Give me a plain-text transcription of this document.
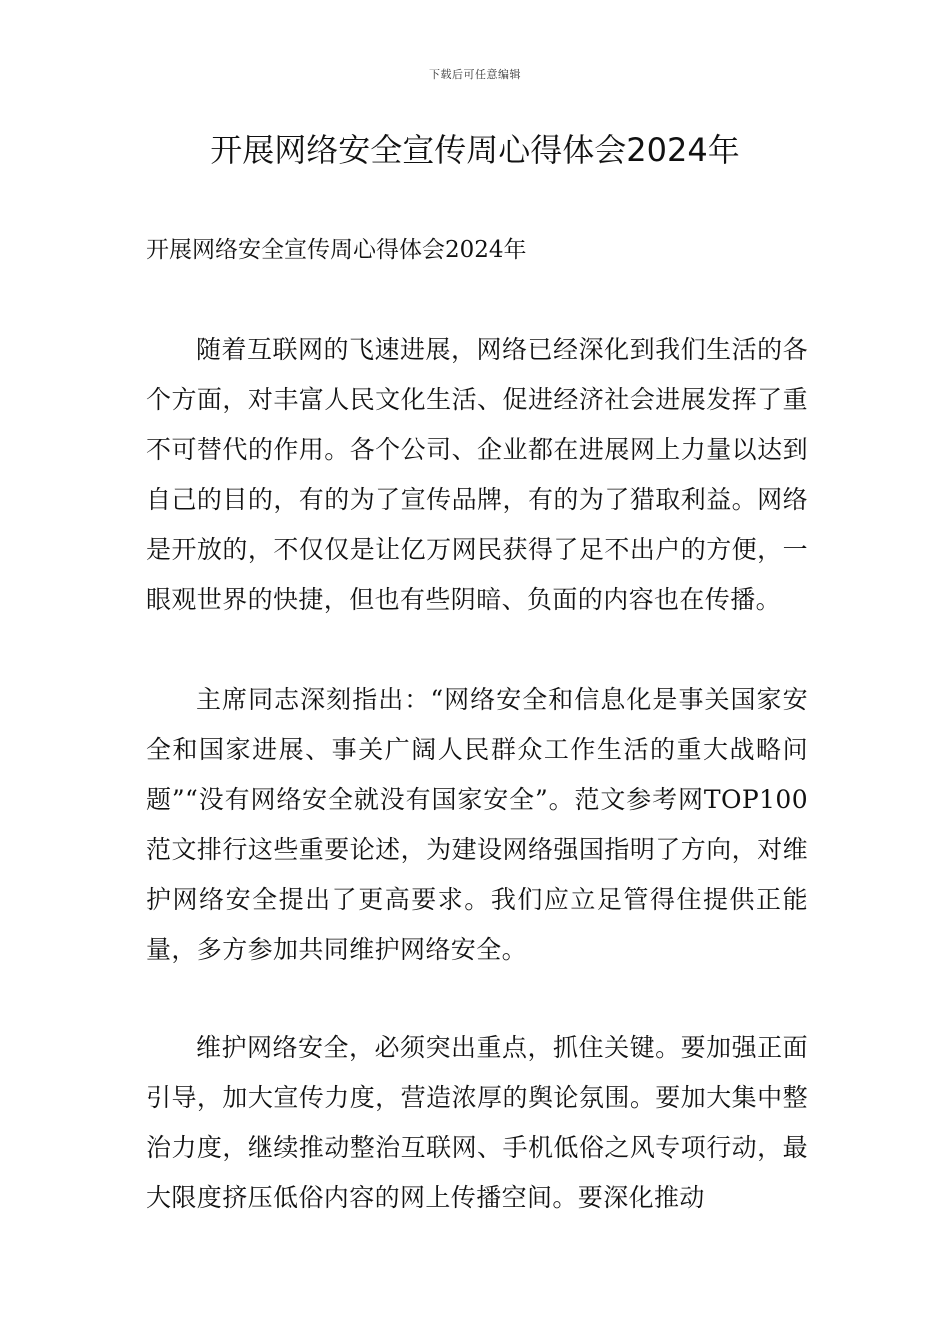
下载后可任意编辑
开展网络安全宣传周心得体会2024年

开展网络安全宣传周心得体会2024年

随着互联网的飞速进展，网络已经深化到我们生活的各个方面，对丰富人民文化生活、促进经济社会进展发挥了重不可替代的作用。各个公司、企业都在进展网上力量以达到自己的目的，有的为了宣传品牌，有的为了猎取利益。网络是开放的，不仅仅是让亿万网民获得了足不出户的方便，一眼观世界的快捷，但也有些阴暗、负面的内容也在传播。

主席同志深刻指出：“网络安全和信息化是事关国家安全和国家进展、事关广阔人民群众工作生活的重大战略问题”“没有网络安全就没有国家安全”。范文参考网TOP100范文排行这些重要论述，为建设网络强国指明了方向，对维护网络安全提出了更高要求。我们应立足管得住提供正能量，多方参加共同维护网络安全。

维护网络安全，必须突出重点，抓住关键。要加强正面引导，加大宣传力度，营造浓厚的舆论氛围。要加大集中整治力度，继续推动整治互联网、手机低俗之风专项行动，最大限度挤压低俗内容的网上传播空间。要深化推动
